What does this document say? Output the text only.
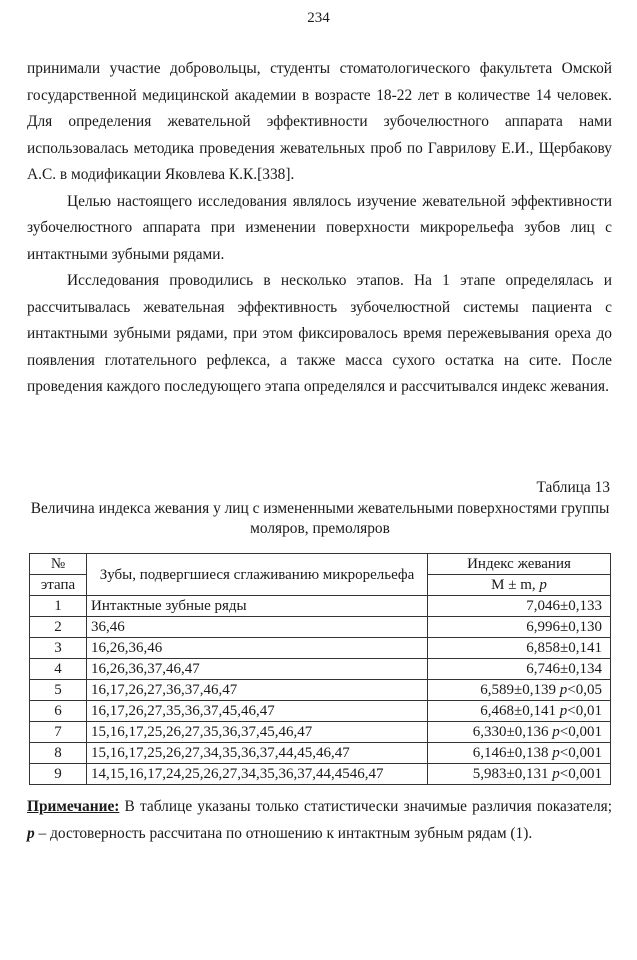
234

принимали участие добровольцы, студенты стоматологического факультета Омской государственной медицинской академии в возрасте 18-22 лет в количестве 14 человек. Для определения жевательной эффективности зубочелюстного аппарата нами использовалась методика проведения жевательных проб по Гаврилову Е.И., Щербакову А.С. в модификации Яковлева К.К.[338].

Целью настоящего исследования являлось изучение жевательной эффективности зубочелюстного аппарата при изменении поверхности микрорельефа зубов лиц с интактными зубными рядами.

Исследования проводились в несколько этапов. На 1 этапе определялась и рассчитывалась жевательная эффективность зубочелюстной системы пациента с интактными зубными рядами, при этом фиксировалось время пережевывания ореха до появления глотательного рефлекса, а также масса сухого остатка на сите. После проведения каждого последующего этапа определялся и рассчитывался индекс жевания.

Таблица 13
Величина индекса жевания у лиц с измененными жевательными поверхностями группы моляров, премоляров
№	Зубы, подвергшиеся сглаживанию микрорельефа	Индекс жевания
этапа		M ± m, p
1	Интактные зубные ряды	7,046±0,133
2	36,46	6,996±0,130
3	16,26,36,46	6,858±0,141
4	16,26,36,37,46,47	6,746±0,134
5	16,17,26,27,36,37,46,47	6,589±0,139 p<0,05
6	16,17,26,27,35,36,37,45,46,47	6,468±0,141 p<0,01
7	15,16,17,25,26,27,35,36,37,45,46,47	6,330±0,136 p<0,001
8	15,16,17,25,26,27,34,35,36,37,44,45,46,47	6,146±0,138 p<0,001
9	14,15,16,17,24,25,26,27,34,35,36,37,44,4546,47	5,983±0,131 p<0,001
Примечание: В таблице указаны только статистически значимые различия показателя; p – достоверность рассчитана по отношению к интактным зубным рядам (1).
